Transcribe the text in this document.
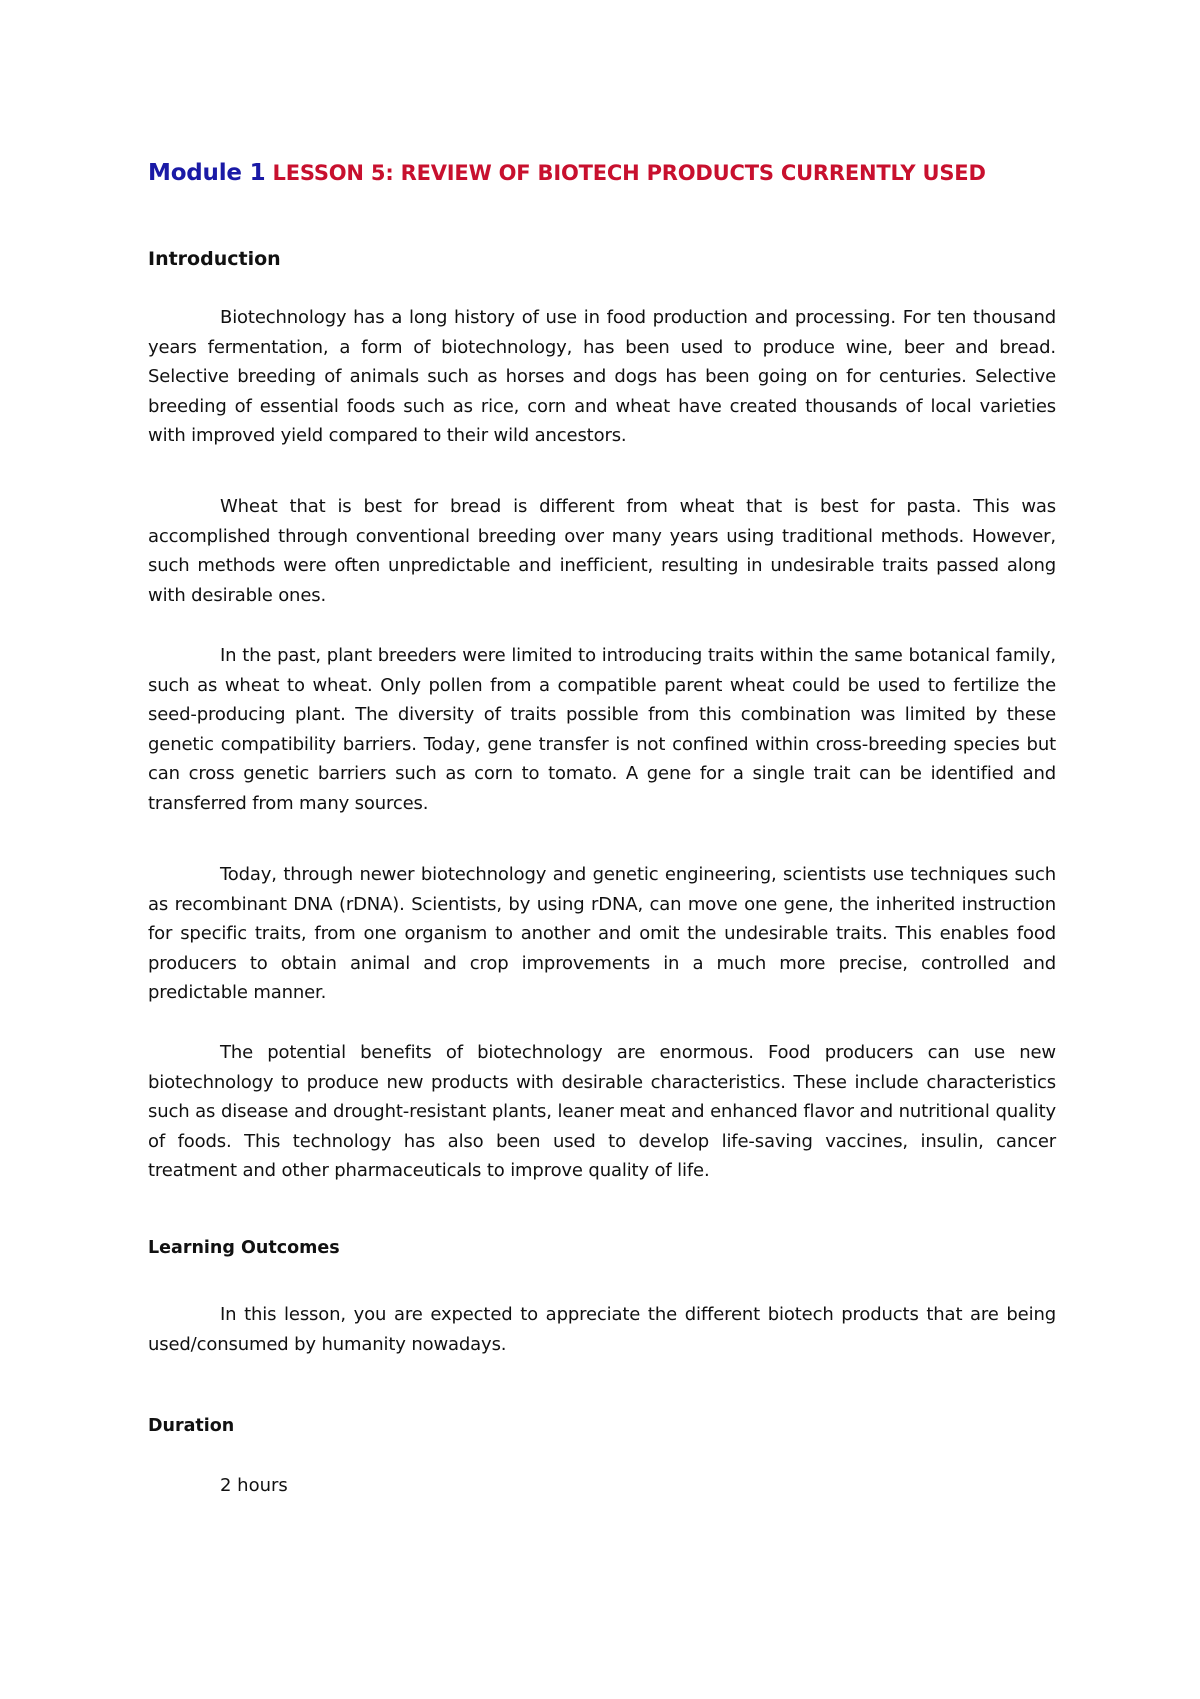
Module 1 LESSON 5: REVIEW OF BIOTECH PRODUCTS CURRENTLY USED
Introduction

Biotechnology has a long history of use in food production and processing. For ten thousand years fermentation, a form of biotechnology, has been used to produce wine, beer and bread. Selective breeding of animals such as horses and dogs has been going on for centuries. Selective breeding of essential foods such as rice, corn and wheat have created thousands of local varieties with improved yield compared to their wild ancestors.

Wheat that is best for bread is different from wheat that is best for pasta. This was accomplished through conventional breeding over many years using traditional methods. However, such methods were often unpredictable and inefficient, resulting in undesirable traits passed along with desirable ones.

In the past, plant breeders were limited to introducing traits within the same botanical family, such as wheat to wheat. Only pollen from a compatible parent wheat could be used to fertilize the seed-producing plant. The diversity of traits possible from this combination was limited by these genetic compatibility barriers. Today, gene transfer is not confined within cross-breeding species but can cross genetic barriers such as corn to tomato. A gene for a single trait can be identified and transferred from many sources.

Today, through newer biotechnology and genetic engineering, scientists use techniques such as recombinant DNA (rDNA). Scientists, by using rDNA, can move one gene, the inherited instruction for specific traits, from one organism to another and omit the undesirable traits. This enables food producers to obtain animal and crop improvements in a much more precise, controlled and predictable manner.

The potential benefits of biotechnology are enormous. Food producers can use new biotechnology to produce new products with desirable characteristics. These include characteristics such as disease and drought-resistant plants, leaner meat and enhanced flavor and nutritional quality of foods. This technology has also been used to develop life-saving vaccines, insulin, cancer treatment and other pharmaceuticals to improve quality of life.

Learning Outcomes

In this lesson, you are expected to appreciate the different biotech products that are being used/consumed by humanity nowadays.

Duration
2 hours
